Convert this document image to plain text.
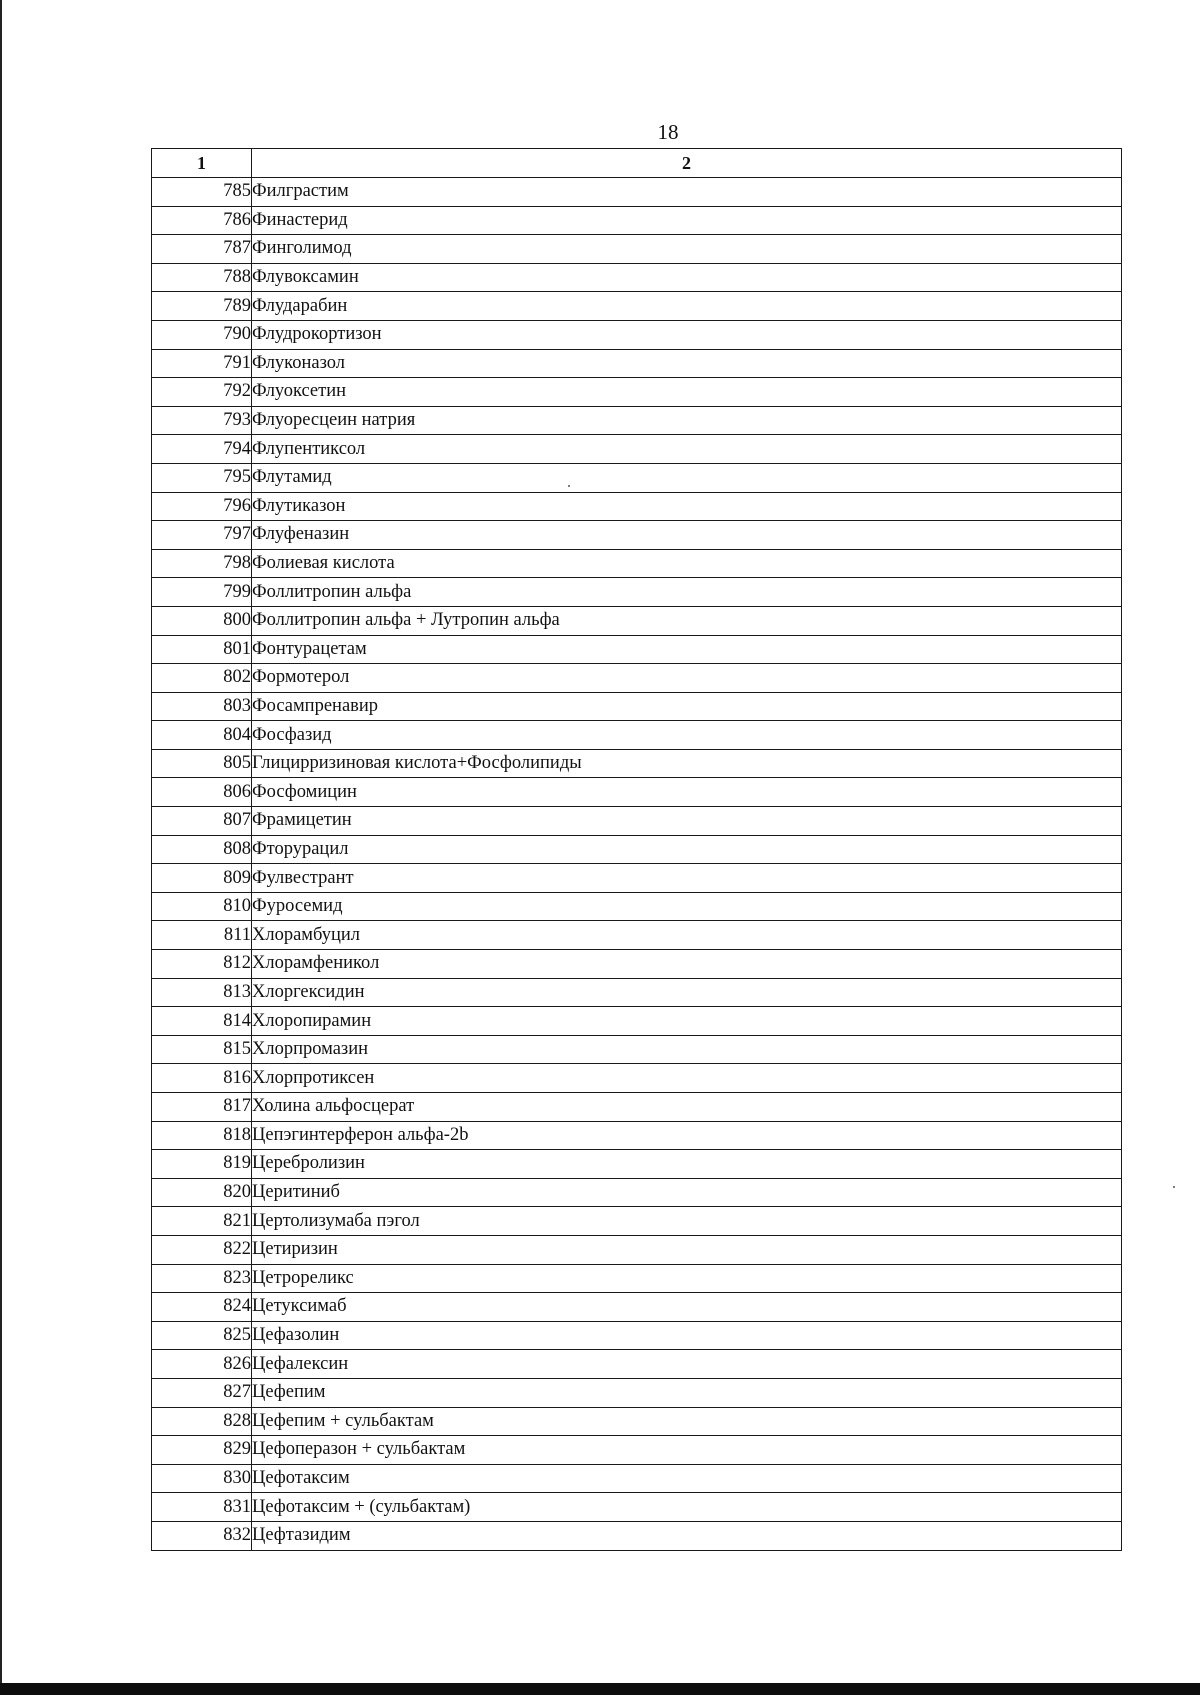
18
1	2
785	Филграстим
786	Финастерид
787	Финголимод
788	Флувоксамин
789	Флударабин
790	Флудрокортизон
791	Флуконазол
792	Флуоксетин
793	Флуоресцеин натрия
794	Флупентиксол
795	Флутамид
796	Флутиказон
797	Флуфеназин
798	Фолиевая кислота
799	Фоллитропин альфа
800	Фоллитропин альфа + Лутропин альфа
801	Фонтурацетам
802	Формотерол
803	Фосампренавир
804	Фосфазид
805	Глицирризиновая кислота+Фосфолипиды
806	Фосфомицин
807	Фрамицетин
808	Фторурацил
809	Фулвестрант
810	Фуросемид
811	Хлорамбуцил
812	Хлорамфеникол
813	Хлоргексидин
814	Хлоропирамин
815	Хлорпромазин
816	Хлорпротиксен
817	Холина альфосцерат
818	Цепэгинтерферон альфа-2b
819	Церебролизин
820	Церитиниб
821	Цертолизумаба пэгол
822	Цетиризин
823	Цетрореликс
824	Цетуксимаб
825	Цефазолин
826	Цефалексин
827	Цефепим
828	Цефепим + сульбактам
829	Цефоперазон + сульбактам
830	Цефотаксим
831	Цефотаксим + (сульбактам)
832	Цефтазидим
